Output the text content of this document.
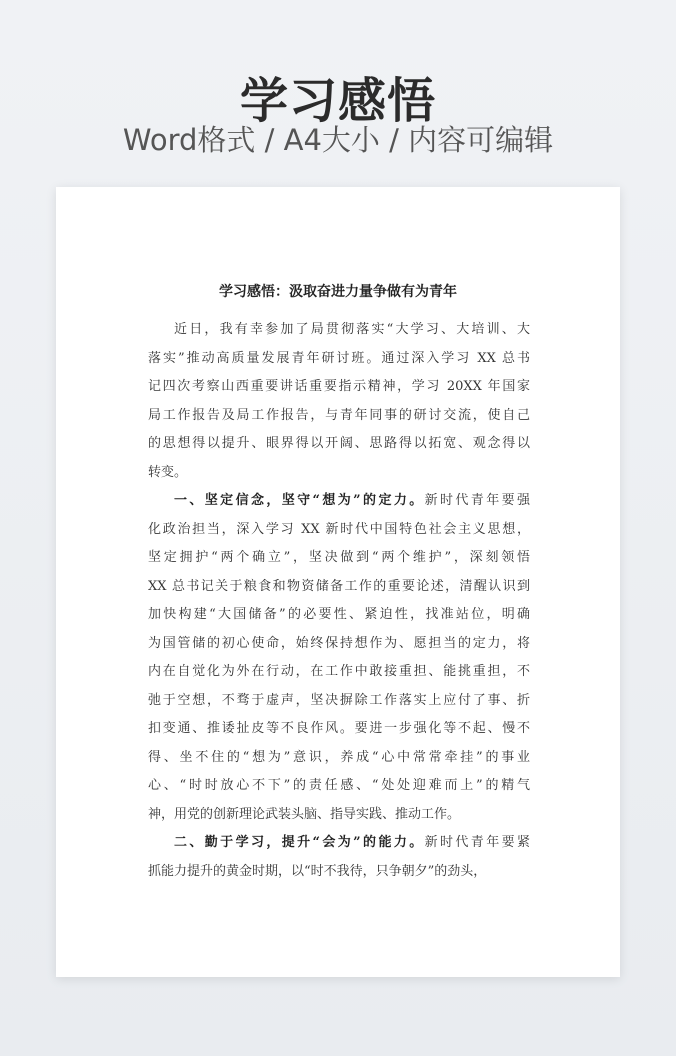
学习感悟
Word格式 / A4大小 / 内容可编辑
学习感悟：汲取奋进力量争做有为青年

近日，我有幸参加了局贯彻落实“大学习、大培训、大
落实”推动高质量发展青年研讨班。通过深入学习 XX 总书
记四次考察山西重要讲话重要指示精神，学习 20XX 年国家
局工作报告及局工作报告，与青年同事的研讨交流，使自己
的思想得以提升、眼界得以开阔、思路得以拓宽、观念得以
转变。

一、坚定信念，坚守“想为”的定力。新时代青年要强
化政治担当，深入学习 XX 新时代中国特色社会主义思想，
坚定拥护“两个确立”，坚决做到“两个维护”，深刻领悟
XX 总书记关于粮食和物资储备工作的重要论述，清醒认识到
加快构建“大国储备”的必要性、紧迫性，找准站位，明确
为国管储的初心使命，始终保持想作为、愿担当的定力，将
内在自觉化为外在行动，在工作中敢接重担、能挑重担，不
弛于空想，不骛于虚声，坚决摒除工作落实上应付了事、折
扣变通、推诿扯皮等不良作风。要进一步强化等不起、慢不
得、坐不住的“想为”意识，养成“心中常常牵挂”的事业
心、“时时放心不下”的责任感、“处处迎难而上”的精气
神，用党的创新理论武装头脑、指导实践、推动工作。

二、勤于学习，提升“会为”的能力。新时代青年要紧
抓能力提升的黄金时期，以“时不我待，只争朝夕”的劲头，
